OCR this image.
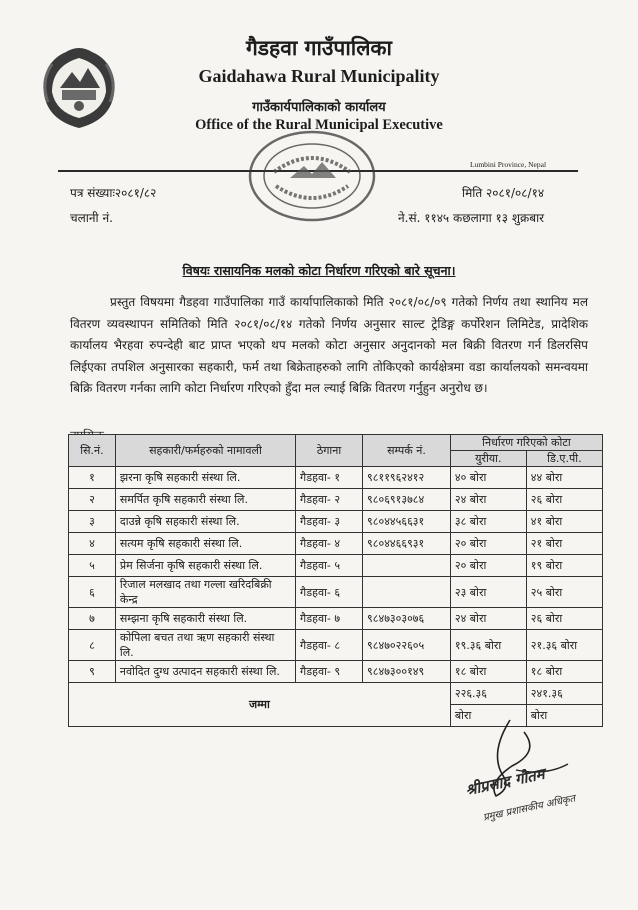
गैडहवा गाउँपालिका
Gaidahawa Rural Municipality
गाउँकार्यपालिकाको कार्यालय
Office of the Rural Municipal Executive
Lumbini Province, Nepal
पत्र संख्याः२०८१/८२
चलानी नं.
मिति २०८१/०८/१४
ने.सं. ११४५ कछलागा १३ शुक्रबार
विषयः रासायनिक मलको कोटा निर्धारण गरिएको बारे सूचना।
प्रस्तुत विषयमा गैडहवा गाउँपालिका गाउँ कार्यापालिकाको मिति २०८१/०८/०९ गतेको निर्णय तथा स्थानिय मल वितरण व्यवस्थापन समितिको मिति २०८१/०८/१४ गतेको निर्णय अनुसार साल्ट ट्रेडिङ्ग कर्पोरेशन लिमिटेड, प्रादेशिक कार्यालय भैरहवा रुपन्देही बाट प्राप्त भएको थप मलको कोटा अनुसार अनुदानको मल बिक्री वितरण गर्न डिलरसिप लिईएका तपशिल अनुसारका सहकारी, फर्म तथा बिक्रेताहरुको लागि तोकिएको कार्यक्षेत्रमा वडा कार्यालयको समन्वयमा बिक्रि वितरण गर्नका लागि कोटा निर्धारण गरिएको हुँदा मल ल्याई बिक्रि वितरण गर्नुहुन अनुरोध छ।
सि.नं.	सहकारी/फर्महरुको नामावली	ठेगाना	सम्पर्क नं.	निर्धारण गरिएको कोटा	
				युरीया.	डि.ए.पी.
१	झरना कृषि सहकारी संस्था लि.	गैडहवा- १	९८११९६२४१२	४० बोरा	४४ बोरा
२	समर्पित कृषि सहकारी संस्था लि.	गैडहवा- २	९८०६९१३७८४	२४ बोरा	२६ बोरा
३	दाउन्ने कृषि सहकारी संस्था लि.	गैडहवा- ३	९८०४४५६६३१	३८ बोरा	४१ बोरा
४	सत्यम कृषि सहकारी संस्था लि.	गैडहवा- ४	९८०४४६६९३१	२० बोरा	२१ बोरा
५	प्रेम सिर्जना कृषि सहकारी संस्था लि.	गैडहवा- ५		२० बोरा	१९ बोरा
६	रिजाल मलखाद तथा गल्ला खरिदबिक्री केन्द्र	गैडहवा- ६		२३ बोरा	२५ बोरा
७	सम्झना कृषि सहकारी संस्था लि.	गैडहवा- ७	९८४७३०३०७६	२४ बोरा	२६ बोरा
८	कोपिला बचत तथा ऋण सहकारी संस्था लि.	गैडहवा- ८	९८४७०२२६०५	१९.३६ बोरा	२१.३६ बोरा
९	नवोदित दुग्ध उत्पादन सहकारी संस्था लि.	गैडहवा- ९	९८४७३००१४९	१८ बोरा	१८ बोरा
जम्मा				२२६.३६	२४१.३६
				बोरा	बोरा
श्रीप्रसाद गौतम
प्रमुख प्रशासकीय अधिकृत
